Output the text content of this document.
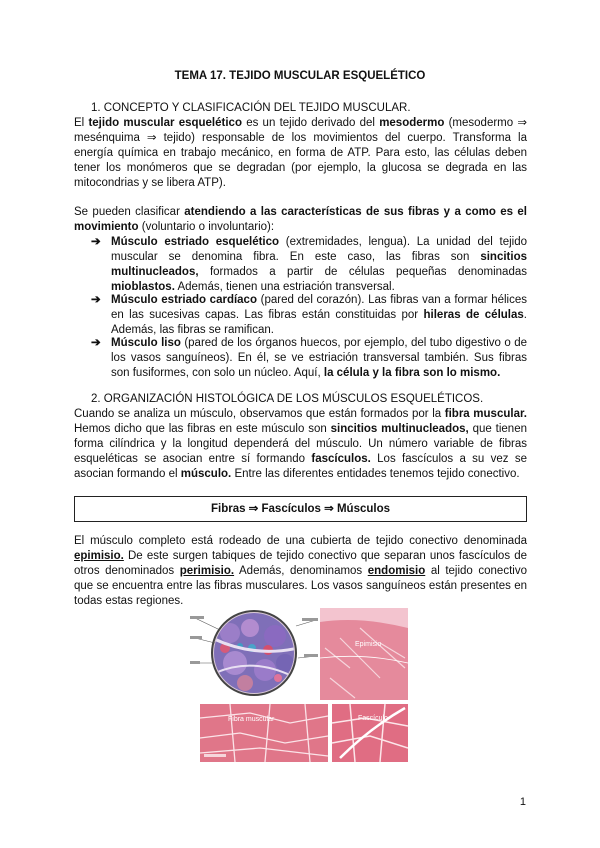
TEMA 17. TEJIDO MUSCULAR ESQUELÉTICO
1. CONCEPTO Y CLASIFICACIÓN DEL TEJIDO MUSCULAR.

El tejido muscular esquelético es un tejido derivado del mesodermo (mesodermo ⇒ mesénquima ⇒ tejido) responsable de los movimientos del cuerpo. Transforma la energía química en trabajo mecánico, en forma de ATP. Para esto, las células deben tener los monómeros que se degradan (por ejemplo, la glucosa se degrada en las mitocondrias y se libera ATP).

Se pueden clasificar atendiendo a las características de sus fibras y a como es el movimiento (voluntario o involuntario):

➔ Músculo estriado esquelético (extremidades, lengua). La unidad del tejido muscular se denomina fibra. En este caso, las fibras son sincitios multinucleados, formados a partir de células pequeñas denominadas mioblastos. Además, tienen una estriación transversal.
➔ Músculo estriado cardíaco (pared del corazón). Las fibras van a formar hélices en las sucesivas capas. Las fibras están constituidas por hileras de células. Además, las fibras se ramifican.
➔ Músculo liso (pared de los órganos huecos, por ejemplo, del tubo digestivo o de los vasos sanguíneos). En él, se ve estriación transversal también. Sus fibras son fusiformes, con solo un núcleo. Aquí, la célula y la fibra son lo mismo.
2. ORGANIZACIÓN HISTOLÓGICA DE LOS MÚSCULOS ESQUELÉTICOS.

Cuando se analiza un músculo, observamos que están formados por la fibra muscular. Hemos dicho que las fibras en este músculo son sincitios multinucleados, que tienen forma cilíndrica y la longitud dependerá del músculo. Un número variable de fibras esqueléticas se asocian entre sí formando fascículos. Los fascículos a su vez se asocian formando el músculo. Entre las diferentes entidades tenemos tejido conectivo.

Fibras ⇒ Fascículos ⇒ Músculos

El músculo completo está rodeado de una cubierta de tejido conectivo denominada epimisio. De este surgen tabiques de tejido conectivo que separan unos fascículos de otros denominados perimisio. Además, denominamos endomisio al tejido conectivo que se encuentra entre las fibras musculares. Los vasos sanguíneos están presentes en todas estas regiones.

Epimisio
Fibra muscular	Fascículo
1
